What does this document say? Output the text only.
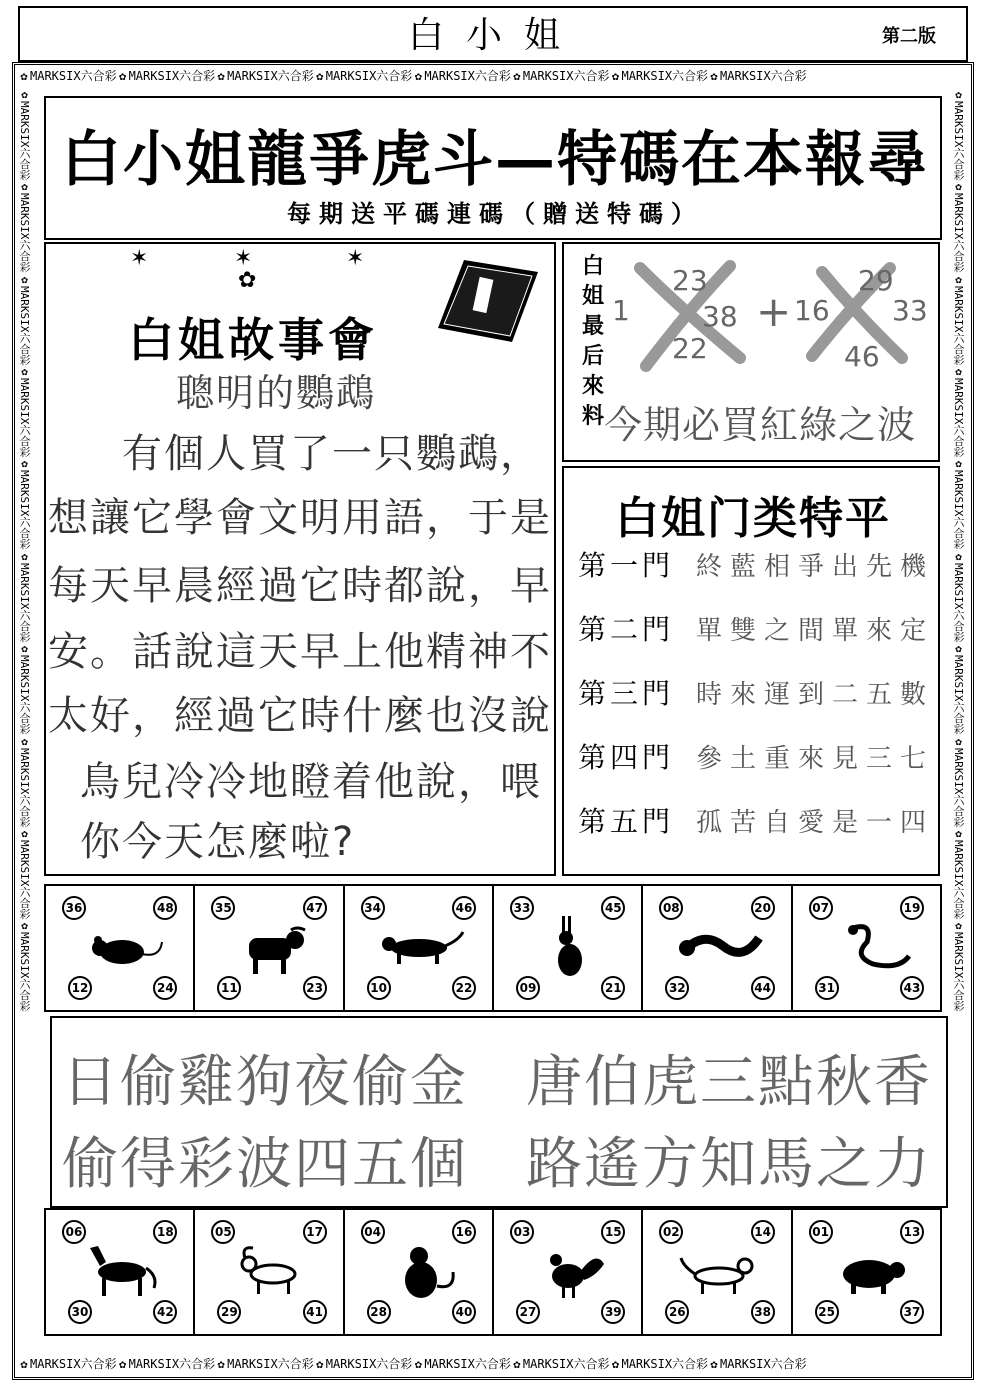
白小姐	第二版
✿ MARKSIX六合彩 ✿ MARKSIX六合彩 ✿ MARKSIX六合彩 ✿ MARKSIX六合彩 ✿ MARKSIX六合彩 ✿ MARKSIX六合彩 ✿ MARKSIX六合彩 ✿ MARKSIX六合彩
✿ MARKSIX六合彩 ✿ MARKSIX六合彩 ✿ MARKSIX六合彩 ✿ MARKSIX六合彩 ✿ MARKSIX六合彩 ✿ MARKSIX六合彩 ✿ MARKSIX六合彩 ✿ MARKSIX六合彩
✿MARKSIX六合彩
✿MARKSIX六合彩
✿MARKSIX六合彩
✿MARKSIX六合彩
✿MARKSIX六合彩
✿MARKSIX六合彩
✿MARKSIX六合彩
✿MARKSIX六合彩
✿MARKSIX六合彩
✿MARKSIX六合彩
✿MARKSIX六合彩
✿MARKSIX六合彩
✿MARKSIX六合彩
✿MARKSIX六合彩
✿MARKSIX六合彩
✿MARKSIX六合彩
✿MARKSIX六合彩
✿MARKSIX六合彩
✿MARKSIX六合彩
✿MARKSIX六合彩
白小姐龍爭虎斗—特碼在本報尋
每期送平碼連碼（贈送特碼）
✶	✶	✶
✿
白姐故事會
聰明的鸚鵡
有個人買了一只鸚鵡，
想讓它學會文明用語，于是
每天早晨經過它時都說，早
安。話說這天早上他精神不
太好，經過它時什麼也沒說
鳥兒冷冷地瞪着他說，喂
你今天怎麼啦?
白姐最后來料
23
1	38
22
+
29
16 33
46
今期必買紅綠之波
白姐门类特平
第一門 終藍相爭出先機
第二門 單雙之間單來定
第三門 時來運到二五數
第四門 參土重來見三七
第五門 孤苦自愛是一四
36	48
12	24
35	47
11	23
34	46
10	22
33	45
09	21
08	20
32	44
07	19
31	43
日偷雞狗夜偷金　唐伯虎三點秋香
偷得彩波四五個　路遙方知馬之力
06	18
30	42
05	17
29	41
04	16
28	40
03	15
27	39
02	14
26	38
01	13
25	37
